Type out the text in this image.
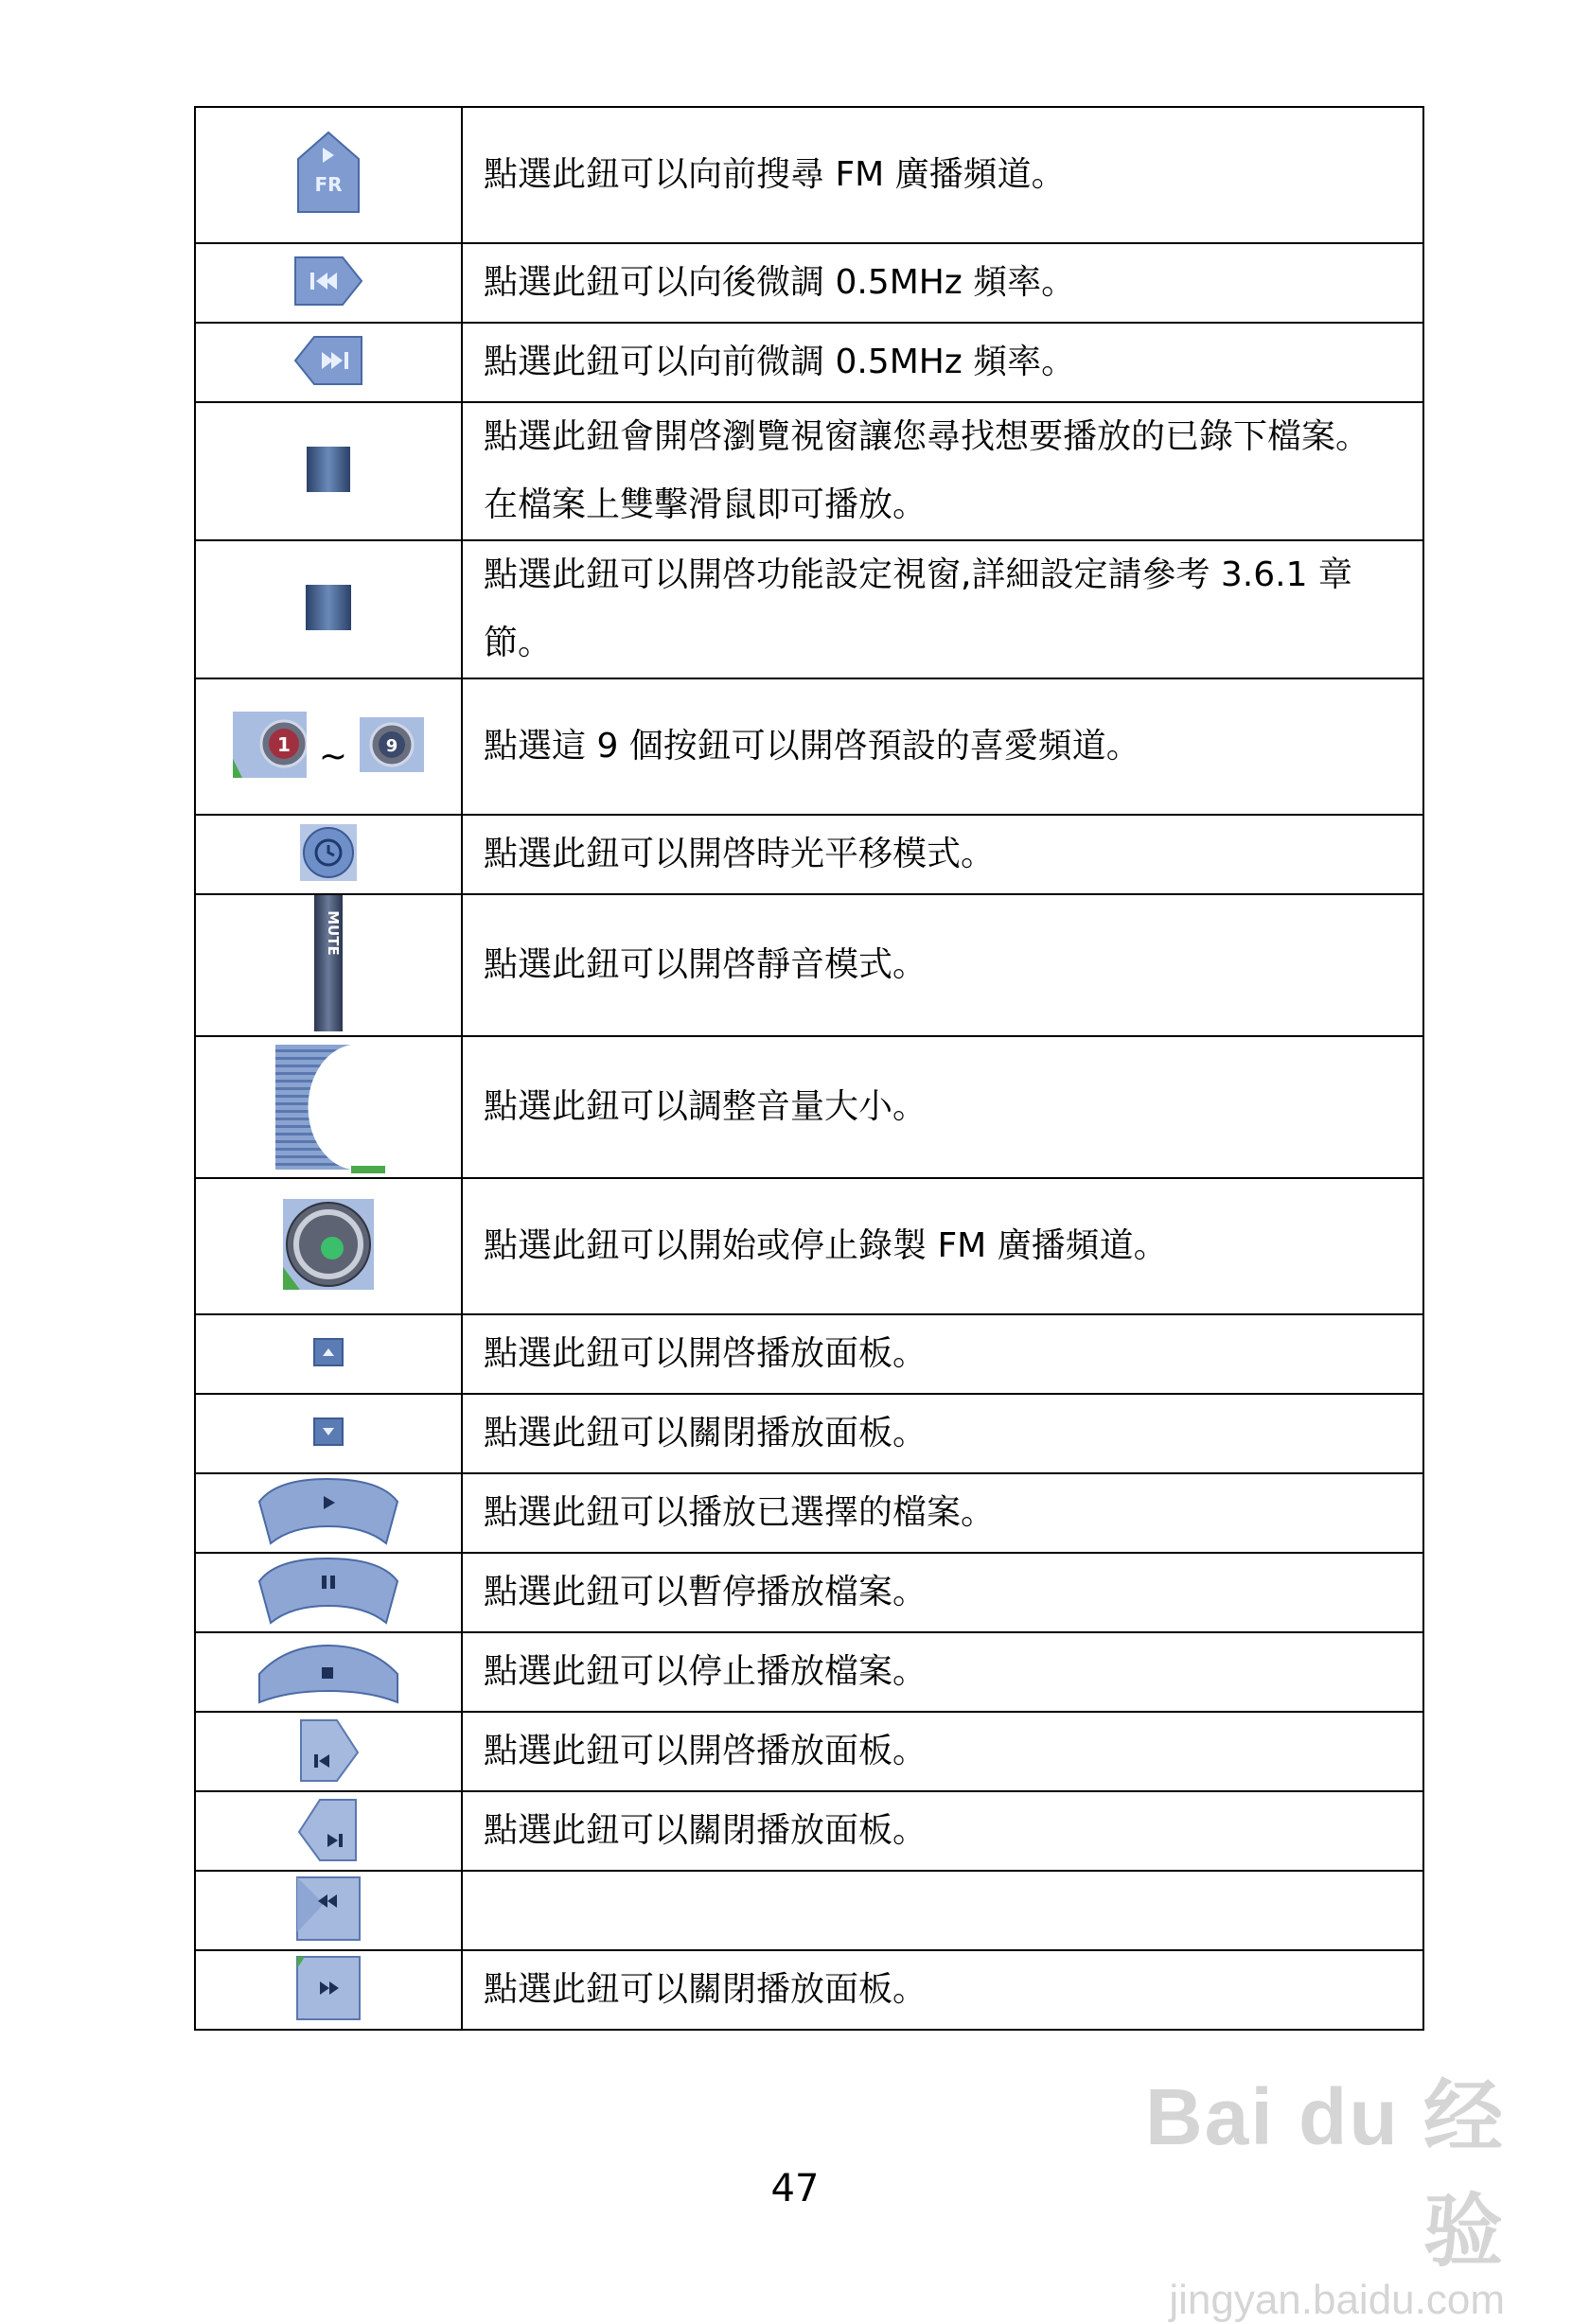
FR	點選此鈕可以向前搜尋 FM 廣播頻道。
	點選此鈕可以向後微調 0.5MHz 頻率。
	點選此鈕可以向前微調 0.5MHz 頻率。
	點選此鈕會開啓瀏覽視窗讓您尋找想要播放的已錄下檔案。在檔案上雙擊滑鼠即可播放。
	點選此鈕可以開啓功能設定視窗,詳細設定請參考 3.6.1 章節。

1 ~ 9	點選這 9 個按鈕可以開啓預設的喜愛頻道。
	點選此鈕可以開啓時光平移模式。

MUTE	點選此鈕可以開啓靜音模式。
	點選此鈕可以調整音量大小。
	點選此鈕可以開始或停止錄製 FM 廣播頻道。
	點選此鈕可以開啓播放面板。
	點選此鈕可以關閉播放面板。
	點選此鈕可以播放已選擇的檔案。
	點選此鈕可以暫停播放檔案。
	點選此鈕可以停止播放檔案。
	點選此鈕可以開啓播放面板。
	點選此鈕可以關閉播放面板。

	點選此鈕可以關閉播放面板。
Bai du 经验
jingyan.baidu.com
47
